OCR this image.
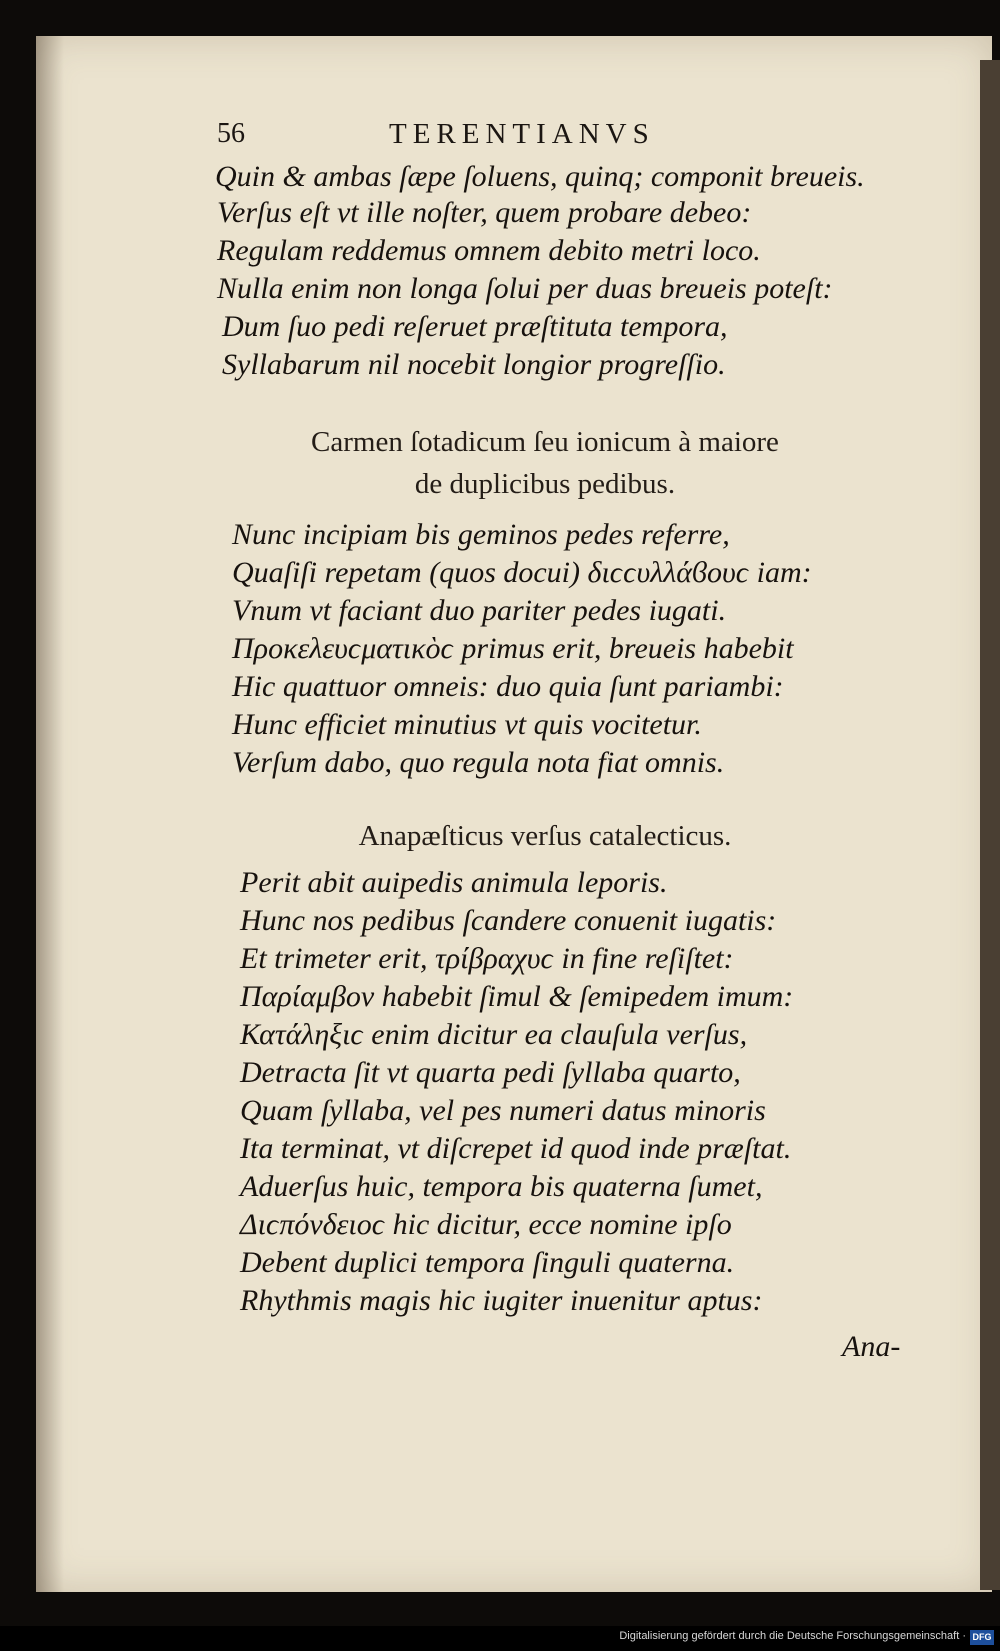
56	TERENTIANVS
Quin & ambas ſæpe ſoluens, quinq; componit breueis.
Verſus eſt vt ille noſter, quem probare debeo:
Regulam reddemus omnem debito metri loco.
Nulla enim non longa ſolui per duas breueis poteſt:
Dum ſuo pedi reſeruet præſtituta tempora,
Syllabarum nil nocebit longior progreſſio.
Carmen ſotadicum ſeu ionicum à maiore
de duplicibus pedibus.
Nunc incipiam bis geminos pedes referre,
Quaſiſi repetam (quos docui) διϲϲυλλάϐουϲ iam:
Vnum vt faciant duo pariter pedes iugati.
Προκελευϲματικὸϲ primus erit, breueis habebit
Hic quattuor omneis: duo quia ſunt pariambi:
Hunc efficiet minutius vt quis vocitetur.
Verſum dabo, quo regula nota fiat omnis.
Anapæſticus verſus catalecticus.
Perit abit auipedis animula leporis.
Hunc nos pedibus ſcandere conuenit iugatis:
Et trimeter erit, τρίβραχυϲ in fine reſiſtet:
Παρίαμβον habebit ſimul & ſemipedem imum:
Κατάληξιϲ enim dicitur ea clauſula verſus,
Detracta ſit vt quarta pedi ſyllaba quarto,
Quam ſyllaba, vel pes numeri datus minoris
Ita terminat, vt diſcrepet id quod inde præſtat.
Aduerſus huic, tempora bis quaterna ſumet,
Διϲπόνδειοϲ hic dicitur, ecce nomine ipſo
Debent duplici tempora ſinguli quaterna.
Rhythmis magis hic iugiter inuenitur aptus:
Ana-
Digitalisierung gefördert durch die Deutsche Forschungsgemeinschaft · DFG
